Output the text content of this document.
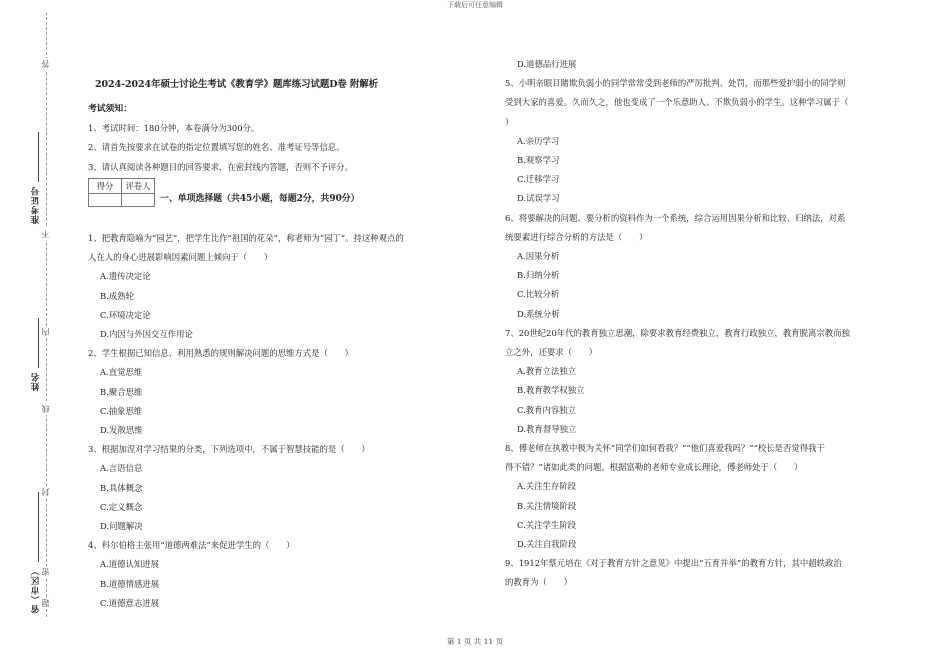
下载后可任意编辑
答
不
内
线
封
密
题
准考证号
姓名
省（市区）
2024-2024年硕士讨论生考试《教育学》题库练习试题D卷 附解析

考试须知：

1、考试时间：180分钟，本卷满分为300分。

2、请首先按要求在试卷的指定位置填写您的姓名、准考证号等信息。

3、请认真阅读各种题目的回答要求，在密封线内答题，否则不予评分。

得分	评卷人

一、单项选择题（共45小题，每题2分，共90分）

1、把教育隐喻为“园艺”，把学生比作“祖国的花朵”，称老师为“园丁”。持这种观点的

人在人的身心进展影响因素问题上倾向于（　　）

A.遗传决定论

B.成熟轮

C.环境决定论

D.内因与外因交互作用论

2、学生根据已知信息、利用熟悉的规则解决问题的思维方式是（　　）

A.直觉思维

B.聚合思维

C.抽象思维

D.发散思维

3、根据加涅对学习结果的分类，下列选项中，不属于智慧技能的是（　　）

A.言语信息

B.具体概念

C.定义概念

D.问题解决

4、科尔伯格主张用“道德两难法”来促进学生的（　　）

A.道德认知进展

B.道德情感进展

C.道德意志进展

D.道德品行进展

5、小明亲眼目睹欺负弱小的同学常常受到老师的严厉批判、处罚，而那些爱护弱小的同学则

受到大家的喜爱。久而久之，他也变成了一个乐意助人、不欺负弱小的学生。这种学习属于（

）

A.亲历学习

B.观察学习

C.迁移学习

D.试误学习

6、将要解决的问题、要分析的资料作为一个系统，综合运用因果分析和比较、归纳法，对系

统要素进行综合分析的方法是（　　）

A.因果分析

B.归纳分析

C.比较分析

D.系统分析

7、20世纪20年代的教育独立思潮，除要求教育经费独立，教育行政独立，教育脱离宗教而独

立之外，还要求（　　）

A.教育立法独立

B.教育教学权独立

C.教育内容独立

D.教育督导独立

8、傅老师在执教中极为关怀“同学们如何看我？”“他们喜爱我吗？”“校长是否觉得我干

得不错？”诸如此类的问题。根据富勒的老师专业成长理论，傅老师处于（　　）

A.关注生存阶段

B.关注情境阶段

C.关注学生阶段

D.关注自我阶段

9、1912年蔡元培在《对于教育方针之意见》中提出“五育并举”的教育方针，其中超轶政治

的教育为（　　）

第 1 页 共 11 页
